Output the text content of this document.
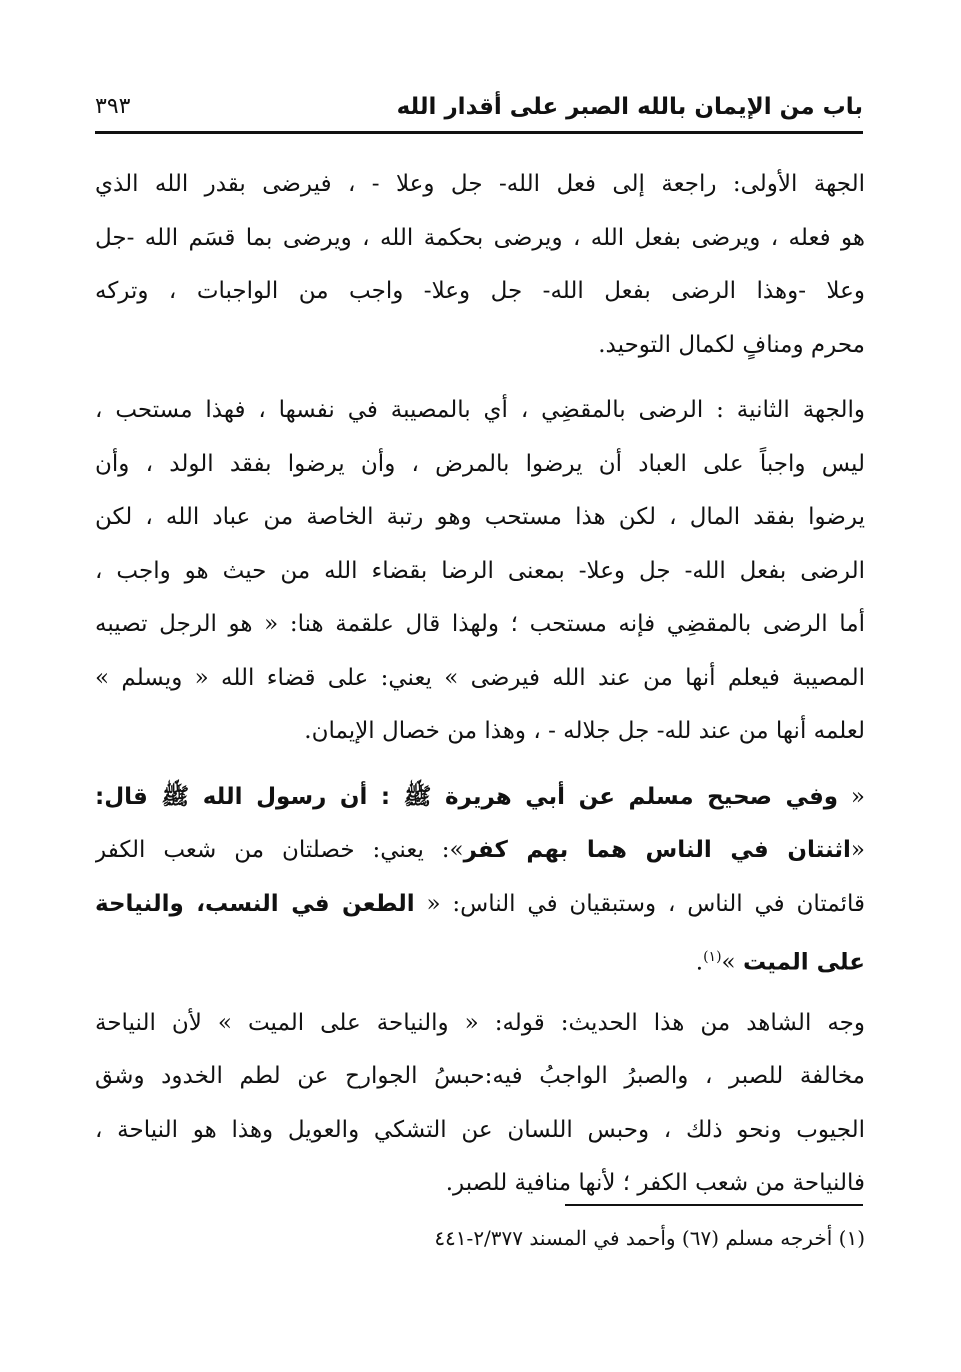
باب من الإيمان بالله الصبر على أقدار الله
٣٩٣
الجهة الأولى: راجعة إلى فعل الله- جل وعلا - ، فيرضى بقدر الله الذي
هو فعله ، ويرضى بفعل الله ، ويرضى بحكمة الله ، ويرضى بما قسَم الله -جل
وعلا -وهذا الرضى بفعل الله- جل وعلا- واجب من الواجبات ، وتركه
محرم ومنافٍ لكمال التوحيد.
والجهة الثانية : الرضى بالمقضِي ، أي بالمصيبة في نفسها ، فهذا مستحب ،
ليس واجباً على العباد أن يرضوا بالمرض ، وأن يرضوا بفقد الولد ، وأن
يرضوا بفقد المال ، لكن هذا مستحب وهو رتبة الخاصة من عباد الله ، لكن
الرضى بفعل الله- جل وعلا- بمعنى الرضا بقضاء الله من حيث هو واجب ،
أما الرضى بالمقضِي فإنه مستحب ؛ ولهذا قال علقمة هنا: « هو الرجل تصيبه
المصيبة فيعلم أنها من عند الله فيرضى » يعني: على قضاء الله « ويسلم »
لعلمه أنها من عند لله- جل جلاله - ، وهذا من خصال الإيمان.
« وفي صحيح مسلم عن أبي هريرة ﷺ : أن رسول الله ﷺ قال:
«اثنتان في الناس هما بهم كفر»: يعني: خصلتان من شعب الكفر
قائمتان في الناس ، وستبقيان في الناس: « الطعن في النسب، والنياحة
على الميت »$^{(١)}$.
وجه الشاهد من هذا الحديث: قوله: « والنياحة على الميت » لأن النياحة
مخالفة للصبر ، والصبرُ الواجبُ فيه:حبسُ الجوارح عن لطم الخدود وشق
الجيوب ونحو ذلك ، وحبس اللسان عن التشكي والعويل وهذا هو النياحة ،
فالنياحة من شعب الكفر ؛ لأنها منافية للصبر.
(١) أخرجه مسلم (٦٧) وأحمد في المسند ٢/٣٧٧-٤٤١
